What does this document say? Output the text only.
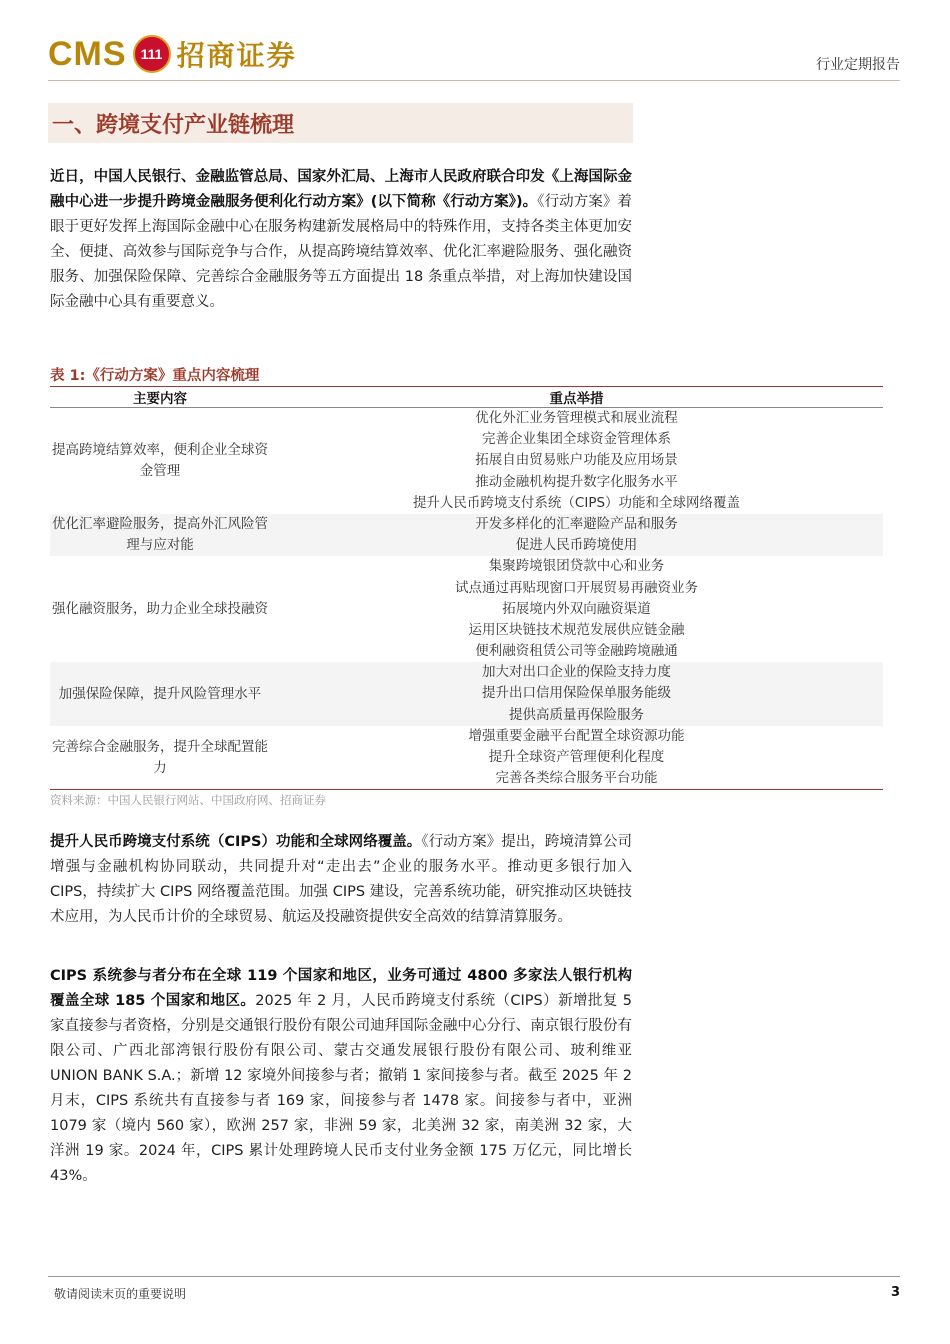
CMS	111 招商证券	行业定期报告
一、跨境支付产业链梳理
近日，中国人民银行、金融监管总局、国家外汇局、上海市人民政府联合印发《上海国际金融中心进一步提升跨境金融服务便利化行动方案》(以下简称《行动方案》)。《行动方案》着眼于更好发挥上海国际金融中心在服务构建新发展格局中的特殊作用，支持各类主体更加安全、便捷、高效参与国际竞争与合作，从提高跨境结算效率、优化汇率避险服务、强化融资服务、加强保险保障、完善综合金融服务等五方面提出 18 条重点举措，对上海加快建设国际金融中心具有重要意义。
表 1:《行动方案》重点内容梳理
主要内容	重点举措
提高跨境结算效率，便利企业全球资金管理	优化外汇业务管理模式和展业流程
完善企业集团全球资金管理体系
拓展自由贸易账户功能及应用场景
推动金融机构提升数字化服务水平
提升人民币跨境支付系统（CIPS）功能和全球网络覆盖

优化汇率避险服务，提高外汇风险管理与应对能	开发多样化的汇率避险产品和服务
促进人民币跨境使用

强化融资服务，助力企业全球投融资	集聚跨境银团贷款中心和业务
试点通过再贴现窗口开展贸易再融资业务
拓展境内外双向融资渠道
运用区块链技术规范发展供应链金融
便利融资租赁公司等金融跨境融通

加强保险保障，提升风险管理水平	加大对出口企业的保险支持力度
提升出口信用保险保单服务能级
提供高质量再保险服务

完善综合金融服务，提升全球配置能力	增强重要金融平台配置全球资源功能
提升全球资产管理便利化程度
完善各类综合服务平台功能
资料来源：中国人民银行网站、中国政府网、招商证券
提升人民币跨境支付系统（CIPS）功能和全球网络覆盖。《行动方案》提出，跨境清算公司增强与金融机构协同联动，共同提升对“走出去”企业的服务水平。推动更多银行加入 CIPS，持续扩大 CIPS 网络覆盖范围。加强 CIPS 建设，完善系统功能，研究推动区块链技术应用，为人民币计价的全球贸易、航运及投融资提供安全高效的结算清算服务。
CIPS 系统参与者分布在全球 119 个国家和地区，业务可通过 4800 多家法人银行机构覆盖全球 185 个国家和地区。2025 年 2 月，人民币跨境支付系统（CIPS）新增批复 5 家直接参与者资格，分别是交通银行股份有限公司迪拜国际金融中心分行、南京银行股份有限公司、广西北部湾银行股份有限公司、蒙古交通发展银行股份有限公司、玻利维亚 UNION BANK S.A.；新增 12 家境外间接参与者；撤销 1 家间接参与者。截至 2025 年 2 月末，CIPS 系统共有直接参与者 169 家，间接参与者 1478 家。间接参与者中，亚洲 1079 家（境内 560 家），欧洲 257 家，非洲 59 家，北美洲 32 家，南美洲 32 家，大洋洲 19 家。2024 年，CIPS 累计处理跨境人民币支付业务金额 175 万亿元，同比增长 43%。
敬请阅读末页的重要说明	3
